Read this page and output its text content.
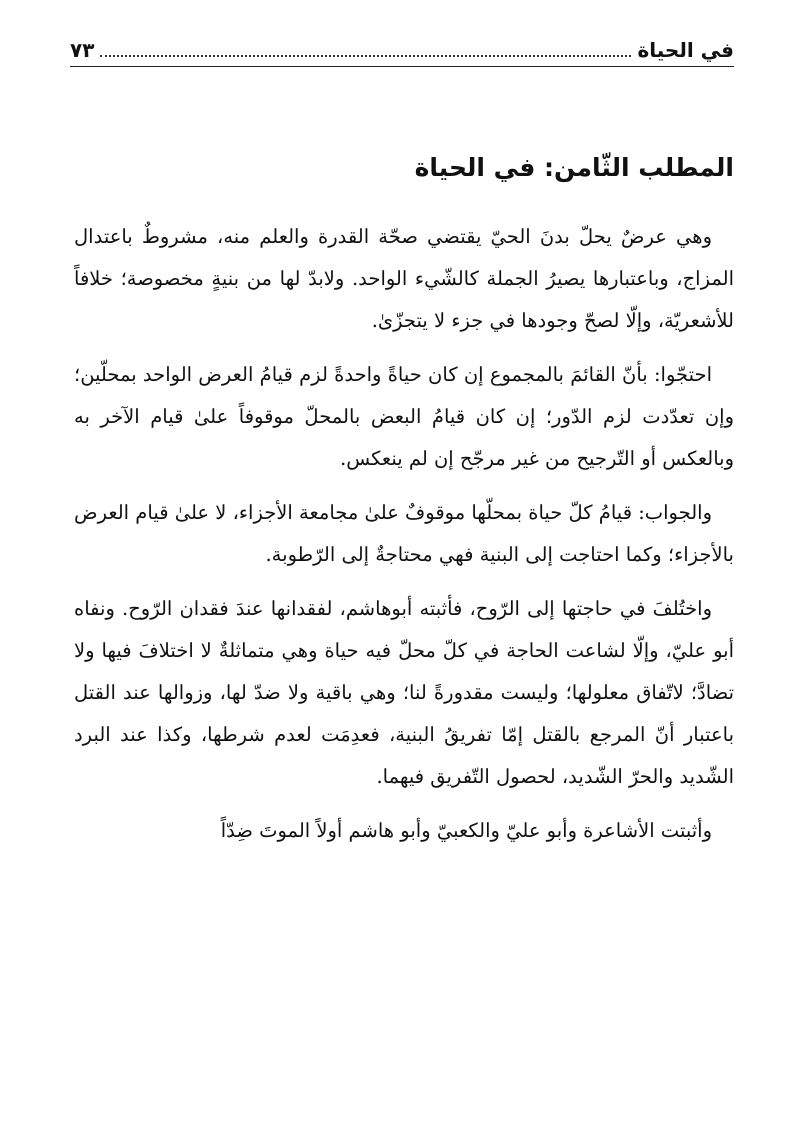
في الحياة
٧٣
المطلب الثّامن: في الحياة

وهي عرضٌ يحلّ بدنَ الحيّ يقتضي صحّة القدرة والعلم منه، مشروطٌ باعتدال المزاج، وباعتبارها يصيرُ الجملة كالشّيء الواحد. ولابدّ لها من بنيةٍ مخصوصة؛ خلافاً للأشعريّة، وإلّا لصحّ وجودها في جزء لا يتجزّىٰ.

احتجّوا: بأنّ القائمَ بالمجموع إن كان حياةً واحدةً لزم قيامُ العرض الواحد بمحلّين؛ وإن تعدّدت لزم الدّور؛ إن كان قيامُ البعض بالمحلّ موقوفاً علىٰ قيام الآخر به وبالعكس أو التّرجيح من غير مرجّح إن لم ينعكس.

والجواب: قيامُ كلّ حياة بمحلّها موقوفٌ علىٰ مجامعة الأجزاء، لا علىٰ قيام العرض بالأجزاء؛ وكما احتاجت إلى البنية فهي محتاجةٌ إلى الرّطوبة.

واختُلفَ في حاجتها إلى الرّوح، فأثبته أبوهاشم، لفقدانها عندَ فقدان الرّوح. ونفاه أبو عليّ، وإلّا لشاعت الحاجة في كلّ محلّ فيه حياة وهي متماثلةٌ لا اختلافَ فيها ولا تضادَّ؛ لاتّفاق معلولها؛ وليست مقدورةً لنا؛ وهي باقية ولا ضدّ لها، وزوالها عند القتل باعتبار أنّ المرجع بالقتل إمّا تفريقُ البنية، فعدِمَت لعدم شرطها، وكذا عند البرد الشّديد والحرّ الشّديد، لحصول التّفريق فيهما.

وأثبتت الأشاعرة وأبو عليّ والكعبيّ وأبو هاشم أولاً الموتَ ضِدّاً
